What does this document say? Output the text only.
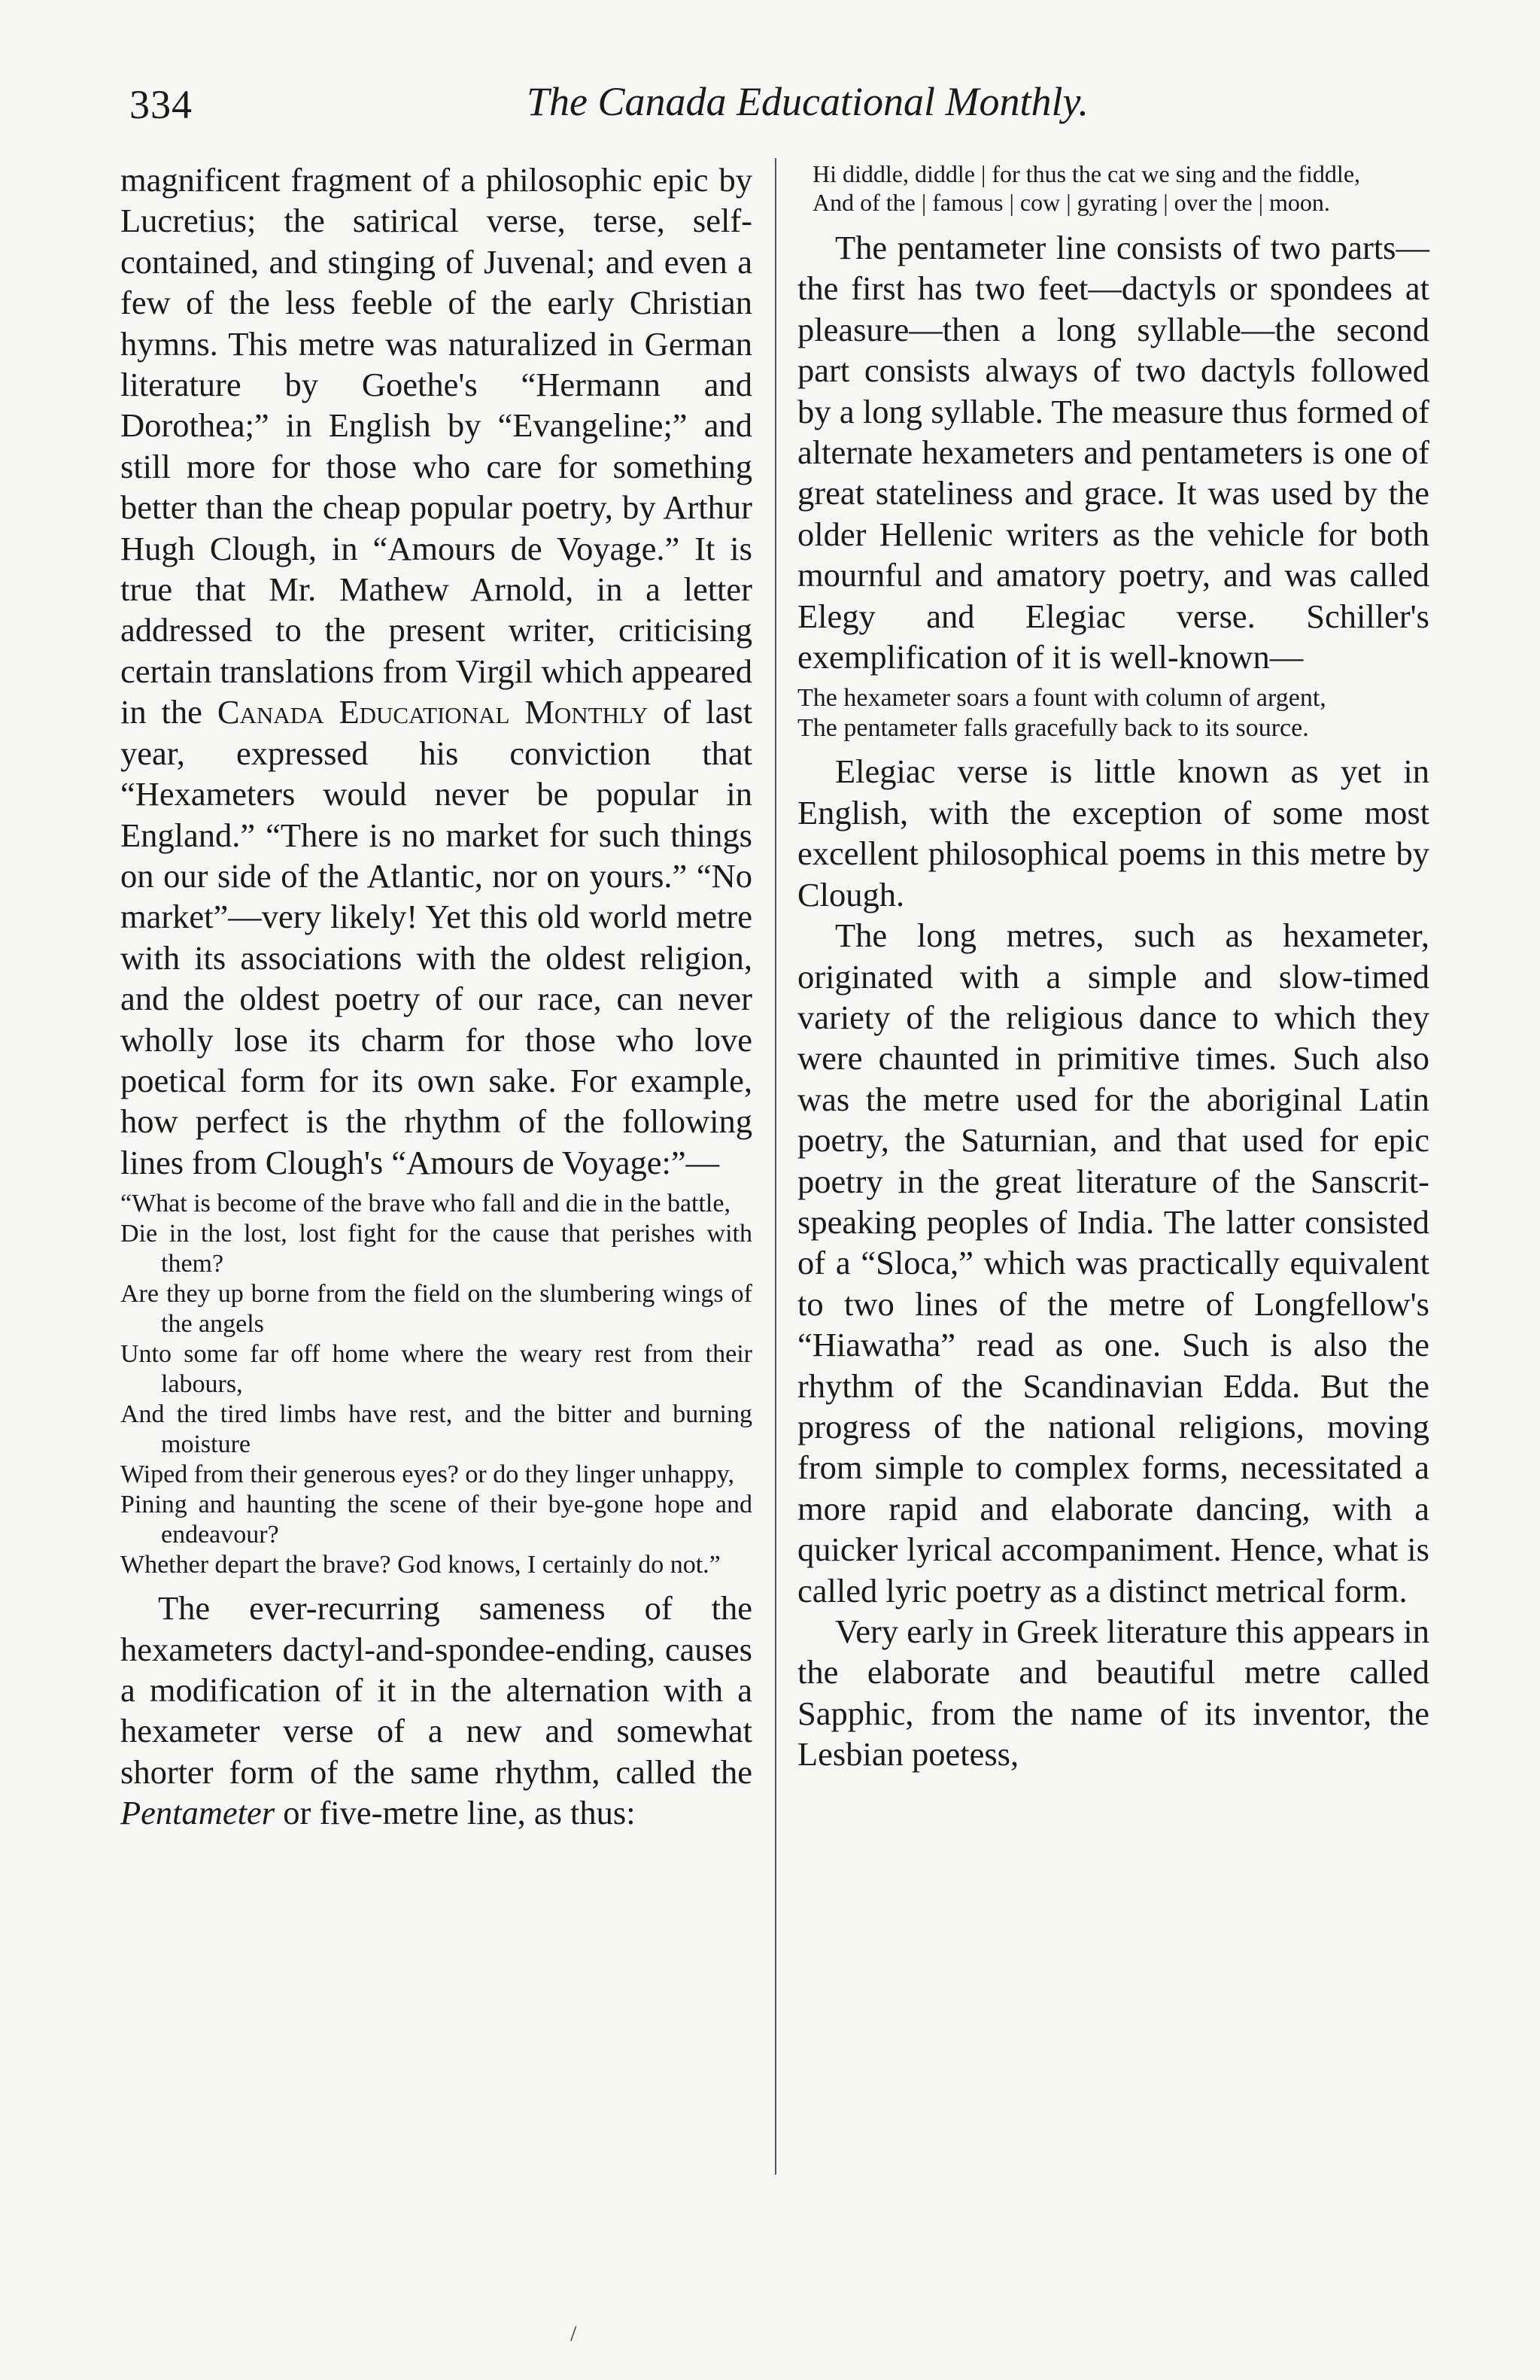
334	The Canada Educational Monthly.

magnificent fragment of a philosophic epic by Lucretius; the satirical verse, terse, self-contained, and stinging of Juvenal; and even a few of the less feeble of the early Christian hymns. This metre was naturalized in German literature by Goethe's “Hermann and Dorothea;” in English by “Evangeline;” and still more for those who care for something better than the cheap popular poetry, by Arthur Hugh Clough, in “Amours de Voyage.” It is true that Mr. Mathew Arnold, in a letter addressed to the present writer, criticising certain translations from Virgil which appeared in the Canada Educational Monthly of last year, expressed his conviction that “Hexameters would never be popular in England.” “There is no market for such things on our side of the Atlantic, nor on yours.” “No market”—very likely! Yet this old world metre with its associations with the oldest religion, and the oldest poetry of our race, can never wholly lose its charm for those who love poetical form for its own sake. For example, how perfect is the rhythm of the following lines from Clough's “Amours de Voyage:”—

“What is become of the brave who fall and die in the battle,

Die in the lost, lost fight for the cause that perishes with them?

Are they up borne from the field on the slumbering wings of the angels

Unto some far off home where the weary rest from their labours,

And the tired limbs have rest, and the bitter and burning moisture

Wiped from their generous eyes? or do they linger unhappy,

Pining and haunting the scene of their bye-gone hope and endeavour?

Whether depart the brave? God knows, I certainly do not.”

The ever-recurring sameness of the hexameters dactyl-and-spondee-ending, causes a modification of it in the alternation with a hexameter verse of a new and somewhat shorter form of the same rhythm, called the Pentameter or five-metre line, as thus:

Hi diddle, diddle | for thus the cat we sing and the fiddle,

And of the | famous | cow | gyrating | over the | moon.

The pentameter line consists of two parts—the first has two feet—dactyls or spondees at pleasure—then a long syllable—the second part consists always of two dactyls followed by a long syllable. The measure thus formed of alternate hexameters and pentameters is one of great stateliness and grace. It was used by the older Hellenic writers as the vehicle for both mournful and amatory poetry, and was called Elegy and Elegiac verse. Schiller's exemplification of it is well-known—

The hexameter soars a fount with column of argent,

The pentameter falls gracefully back to its source.

Elegiac verse is little known as yet in English, with the exception of some most excellent philosophical poems in this metre by Clough.

The long metres, such as hexameter, originated with a simple and slow-timed variety of the religious dance to which they were chaunted in primitive times. Such also was the metre used for the aboriginal Latin poetry, the Saturnian, and that used for epic poetry in the great literature of the Sanscrit-speaking peoples of India. The latter consisted of a “Sloca,” which was practically equivalent to two lines of the metre of Longfellow's “Hiawatha” read as one. Such is also the rhythm of the Scandinavian Edda. But the progress of the national religions, moving from simple to complex forms, necessitated a more rapid and elaborate dancing, with a quicker lyrical accompaniment. Hence, what is called lyric poetry as a distinct metrical form.

Very early in Greek literature this appears in the elaborate and beautiful metre called Sapphic, from the name of its inventor, the Lesbian poetess,

/
